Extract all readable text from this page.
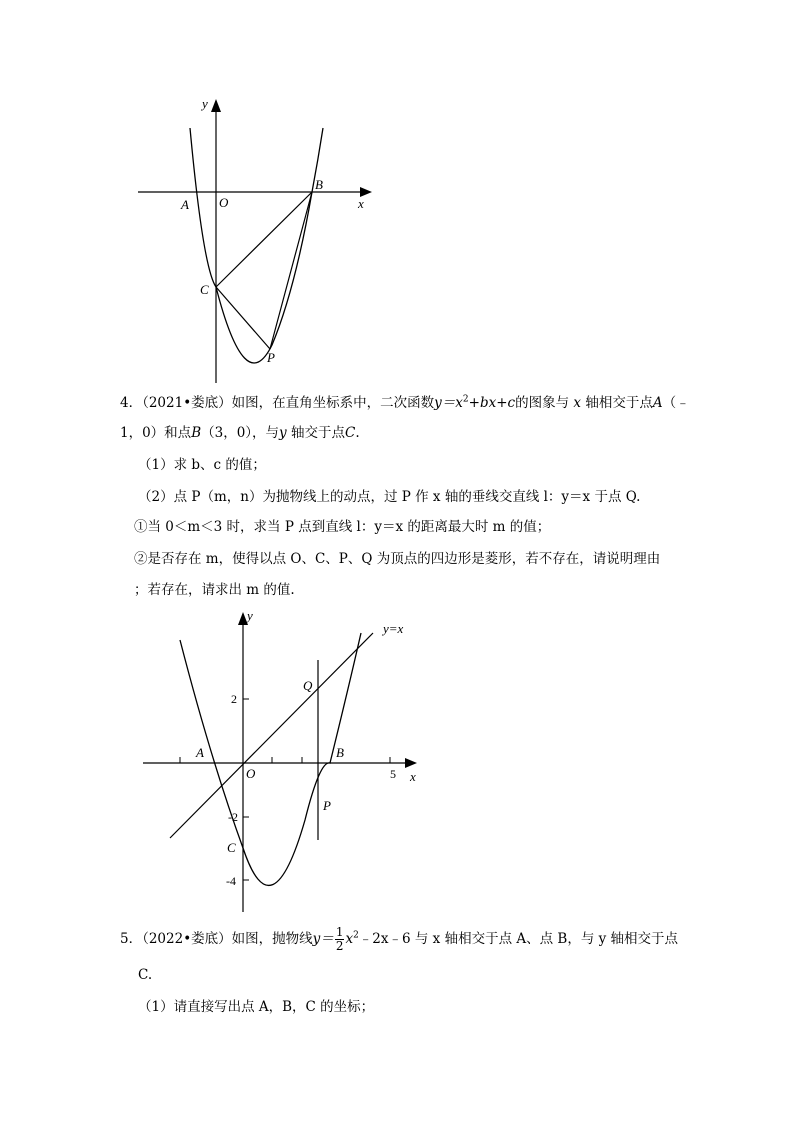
y
x
A O
B
C
P
4．（2021•娄底）如图，在直角坐标系中，二次函数$y=x^2+bx+c$的图象与 x 轴相交于点A（﹣
1，0）和点B（3，0），与y 轴交于点C.
（1）求 b、c 的值；
（2）点 P（m，n）为抛物线上的动点，过 P 作 x 轴的垂线交直线 l：y＝x 于点 Q.
①当 0＜m＜3 时，求当 P 点到直线 l：y＝x 的距离最大时 m 的值；
②是否存在 m，使得以点 O、C、P、Q 为顶点的四边形是菱形，若不存在，请说明理由
；若存在，请求出 m 的值.
y
y=x
Q
2
A	B
O	5 x
P
-2
C
-4
5．（2022•娄底）如图，抛物线$y= \frac{1}{2}$ $x^2﹣2x﹣6$ 与 x 轴相交于点 A、点 B，与 y 轴相交于点
C.
（1）请直接写出点 A，B，C 的坐标；
